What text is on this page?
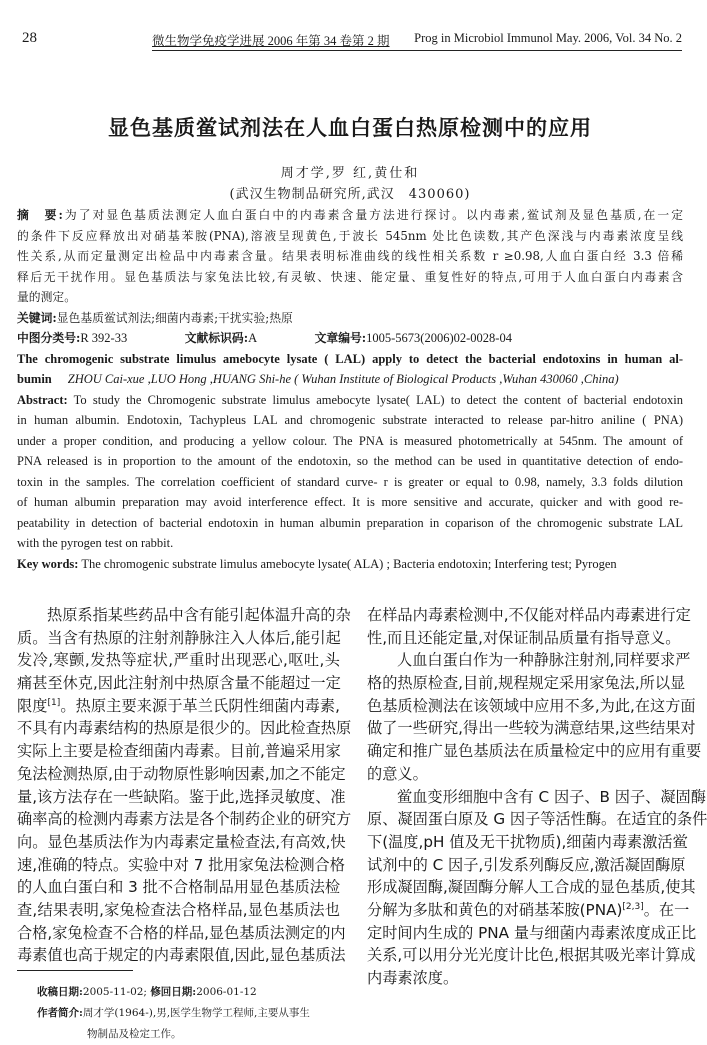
28	微生物学免疫学进展 2006 年第 34 卷第 2 期 Prog in Microbiol Immunol May. 2006, Vol. 34 No. 2
显色基质鲎试剂法在人血白蛋白热原检测中的应用
周才学,罗 红,黄仕和
(武汉生物制品研究所,武汉　430060)
摘　要:为了对显色基质法测定人血白蛋白中的内毒素含量方法进行探讨。以内毒素,鲎试剂及显色基质,在一定
的条件下反应释放出对硝基苯胺(PNA),溶液呈现黄色,于波长 545nm 处比色读数,其产色深浅与内毒素浓度呈线
性关系,从而定量测定出检品中内毒素含量。结果表明标准曲线的线性相关系数 r ≥0.98,人血白蛋白经 3.3 倍稀
释后无干扰作用。显色基质法与家兔法比较,有灵敏、快速、能定量、重复性好的特点,可用于人血白蛋白内毒素含
量的测定。
关键词:显色基质鲎试剂法;细菌内毒素;干扰实验;热原
中图分类号:R 392-33	文献标识码:A	文章编号:1005-5673(2006)02-0028-04
The chromogenic substrate limulus amebocyte lysate ( LAL) apply to detect the bacterial endotoxins in human al-
bumin ZHOU Cai-xue ,LUO Hong ,HUANG Shi-he ( Wuhan Institute of Biological Products ,Wuhan 430060 ,China)
Abstract: To study the Chromogenic substrate limulus amebocyte lysate( LAL) to detect the content of bacterial endotoxin
in human albumin. Endotoxin, Tachypleus LAL and chromogenic substrate interacted to release par-hitro aniline ( PNA)
under a proper condition, and producing a yellow colour. The PNA is measured photometrically at 545nm. The amount of
PNA released is in proportion to the amount of the endotoxin, so the method can be used in quantitative detection of endo-
toxin in the samples. The correlation coefficient of standard curve- r is greater or equal to 0.98, namely, 3.3 folds dilution
of human albumin preparation may avoid interference effect. It is more sensitive and accurate, quicker and with good re-
peatability in detection of bacterial endotoxin in human albumin preparation in coparison of the chromogenic substrate LAL
with the pyrogen test on rabbit.
Key words: The chromogenic substrate limulus amebocyte lysate( ALA) ; Bacteria endotoxin; Interfering test; Pyrogen
热原系指某些药品中含有能引起体温升高的杂
质。当含有热原的注射剂静脉注入人体后,能引起
发冷,寒颤,发热等症状,严重时出现恶心,呕吐,头
痛甚至休克,因此注射剂中热原含量不能超过一定
限度[1]。热原主要来源于革兰氏阴性细菌内毒素,
不具有内毒素结构的热原是很少的。因此检查热原
实际上主要是检查细菌内毒素。目前,普遍采用家
兔法检测热原,由于动物原性影响因素,加之不能定
量,该方法存在一些缺陷。鉴于此,选择灵敏度、准
确率高的检测内毒素方法是各个制药企业的研究方
向。显色基质法作为内毒素定量检查法,有高效,快
速,准确的特点。实验中对 7 批用家兔法检测合格
的人血白蛋白和 3 批不合格制品用显色基质法检
查,结果表明,家兔检查法合格样品,显色基质法也
合格,家兔检查不合格的样品,显色基质法测定的内
毒素值也高于规定的内毒素限值,因此,显色基质法
在样品内毒素检测中,不仅能对样品内毒素进行定
性,而且还能定量,对保证制品质量有指导意义。
人血白蛋白作为一种静脉注射剂,同样要求严
格的热原检查,目前,规程规定采用家兔法,所以显
色基质检测法在该领域中应用不多,为此,在这方面
做了一些研究,得出一些较为满意结果,这些结果对
确定和推广显色基质法在质量检定中的应用有重要
的意义。
鲎血变形细胞中含有 C 因子、B 因子、凝固酶
原、凝固蛋白原及 G 因子等活性酶。在适宜的条件
下(温度,pH 值及无干扰物质),细菌内毒素激活鲎
试剂中的 C 因子,引发系列酶反应,激活凝固酶原
形成凝固酶,凝固酶分解人工合成的显色基质,使其
分解为多肽和黄色的对硝基苯胺(PNA)[2,3]。在一
定时间内生成的 PNA 量与细菌内毒素浓度成正比
关系,可以用分光光度计比色,根据其吸光率计算成
内毒素浓度。
收稿日期:2005-11-02; 修回日期:2006-01-12
作者简介:周才学(1964-),男,医学生物学工程师,主要从事生
物制品及检定工作。
